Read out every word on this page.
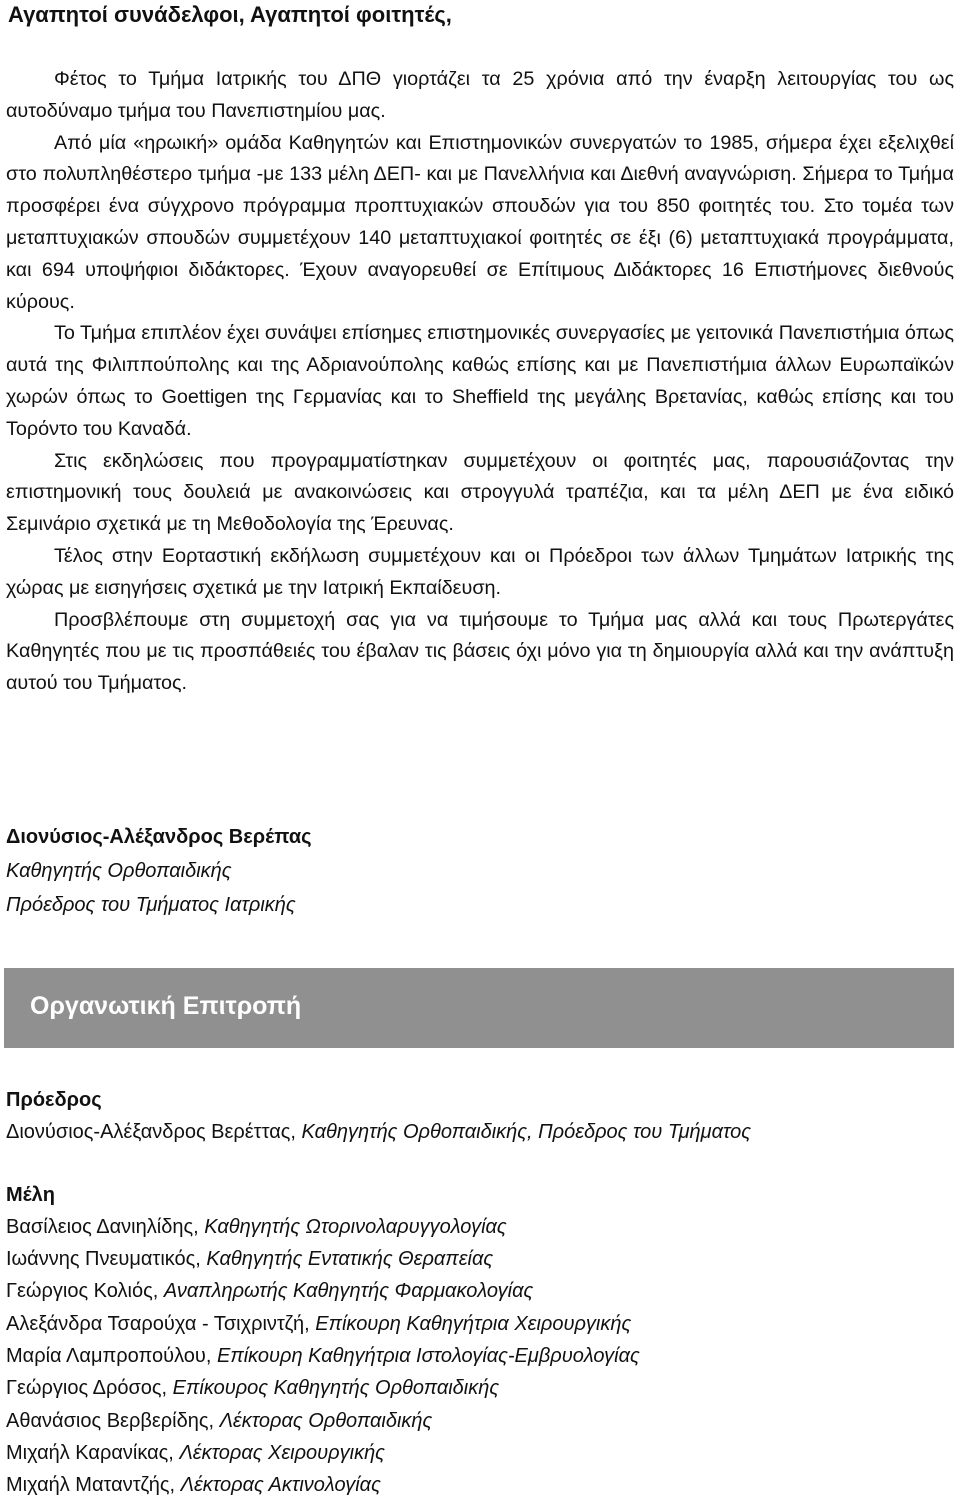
Αγαπητοί συνάδελφοι, Αγαπητοί φοιτητές,

Φέτος το Τμήμα Ιατρικής του ΔΠΘ γιορτάζει τα 25 χρόνια από την έναρξη λειτουργίας του ως αυτοδύναμο τμήμα του Πανεπιστημίου μας.

Από μία «ηρωική» ομάδα Καθηγητών και Επιστημονικών συνεργατών το 1985, σήμερα έχει εξελιχθεί στο πολυπληθέστερο τμήμα -με 133 μέλη ΔΕΠ- και με Πανελλήνια και Διεθνή αναγνώριση. Σήμερα το Τμήμα προσφέρει ένα σύγχρονο πρόγραμμα προπτυχιακών σπουδών για του 850 φοιτητές του. Στο τομέα των μεταπτυχιακών σπουδών συμμετέχουν 140 μεταπτυχιακοί φοιτητές σε έξι (6) μεταπτυχιακά προγράμματα, και 694 υποψήφιοι διδάκτορες. Έχουν αναγορευθεί σε Επίτιμους Διδάκτορες 16 Επιστήμονες διεθνούς κύρους.

Το Τμήμα επιπλέον έχει συνάψει επίσημες επιστημονικές συνεργασίες με γειτονικά Πανεπιστήμια όπως αυτά της Φιλιππούπολης και της Αδριανούπολης καθώς επίσης και με Πανεπιστήμια άλλων Ευρωπαϊκών χωρών όπως το Goettigen της Γερμανίας και το Sheffield της μεγάλης Βρετανίας, καθώς επίσης και του Τορόντο του Καναδά.

Στις εκδηλώσεις που προγραμματίστηκαν συμμετέχουν οι φοιτητές μας, παρουσιάζοντας την επιστημονική τους δουλειά με ανακοινώσεις και στρογγυλά τραπέζια, και τα μέλη ΔΕΠ με ένα ειδικό Σεμινάριο σχετικά με τη Μεθοδολογία της Έρευνας.

Τέλος στην Εορταστική εκδήλωση συμμετέχουν και οι Πρόεδροι των άλλων Τμημάτων Ιατρικής της χώρας με εισηγήσεις σχετικά με την Ιατρική Εκπαίδευση.

Προσβλέπουμε στη συμμετοχή σας για να τιμήσουμε το Τμήμα μας αλλά και τους Πρωτεργάτες Καθηγητές που με τις προσπάθειές του έβαλαν τις βάσεις όχι μόνο για τη δημιουργία αλλά και την ανάπτυξη αυτού του Τμήματος.

Διονύσιος-Αλέξανδρος Βερέπας
Καθηγητής Ορθοπαιδικής
Πρόεδρος του Τμήματος Ιατρικής
Οργανωτική Επιτροπή
Πρόεδρος
Διονύσιος-Αλέξανδρος Βερέττας, Καθηγητής Ορθοπαιδικής, Πρόεδρος του Τμήματος
Μέλη
Βασίλειος Δανιηλίδης, Καθηγητής Ωτορινολαρυγγολογίας
Ιωάννης Πνευματικός, Καθηγητής Εντατικής Θεραπείας
Γεώργιος Κολιός, Αναπληρωτής Καθηγητής Φαρμακολογίας
Αλεξάνδρα Τσαρούχα - Τσιχριντζή, Επίκουρη Καθηγήτρια Χειρουργικής
Μαρία Λαμπροπούλου, Επίκουρη Καθηγήτρια Ιστολογίας-Εμβρυολογίας
Γεώργιος Δρόσος, Επίκουρος Καθηγητής Ορθοπαιδικής
Αθανάσιος Βερβερίδης, Λέκτορας Ορθοπαιδικής
Μιχαήλ Καρανίκας, Λέκτορας Χειρουργικής
Μιχαήλ Ματαντζής, Λέκτορας Ακτινολογίας
